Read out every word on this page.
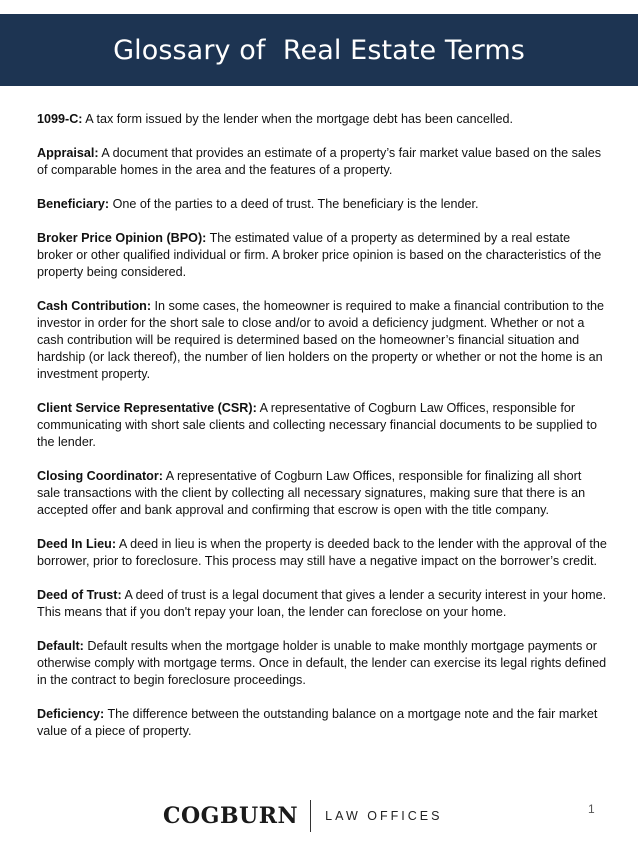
Glossary of  Real Estate Terms

1099-C: A tax form issued by the lender when the mortgage debt has been cancelled.

Appraisal: A document that provides an estimate of a property’s fair market value based on the sales of comparable homes in the area and the features of a property.

Beneficiary: One of the parties to a deed of trust. The beneficiary is the lender.

Broker Price Opinion (BPO): The estimated value of a property as determined by a real estate broker or other qualified individual or firm. A broker price opinion is based on the characteristics of the property being considered.

Cash Contribution: In some cases, the homeowner is required to make a financial contribution to the investor in order for the short sale to close and/or to avoid a deficiency judgment. Whether or not a cash contribution will be required is determined based on the homeowner’s financial situation and hardship (or lack thereof), the number of lien holders on the property or whether or not the home is an investment property.

Client Service Representative (CSR): A representative of Cogburn Law Offices, responsible for communicating with short sale clients and collecting necessary financial documents to be supplied to the lender.

Closing Coordinator: A representative of Cogburn Law Offices, responsible for finalizing all short sale transactions with the client by collecting all necessary signatures, making sure that there is an accepted offer and bank approval and confirming that escrow is open with the title company.

Deed In Lieu: A deed in lieu is when the property is deeded back to the lender with the approval of the borrower, prior to foreclosure. This process may still have a negative impact on the borrower’s credit.

Deed of Trust: A deed of trust is a legal document that gives a lender a security interest in your home. This means that if you don't repay your loan, the lender can foreclose on your home.

Default: Default results when the mortgage holder is unable to make monthly mortgage payments or otherwise comply with mortgage terms. Once in default, the lender can exercise its legal rights defined in the contract to begin foreclosure proceedings.

Deficiency: The difference between the outstanding balance on a mortgage note and the fair market value of a piece of property.

COGBURN LAW OFFICES	1
